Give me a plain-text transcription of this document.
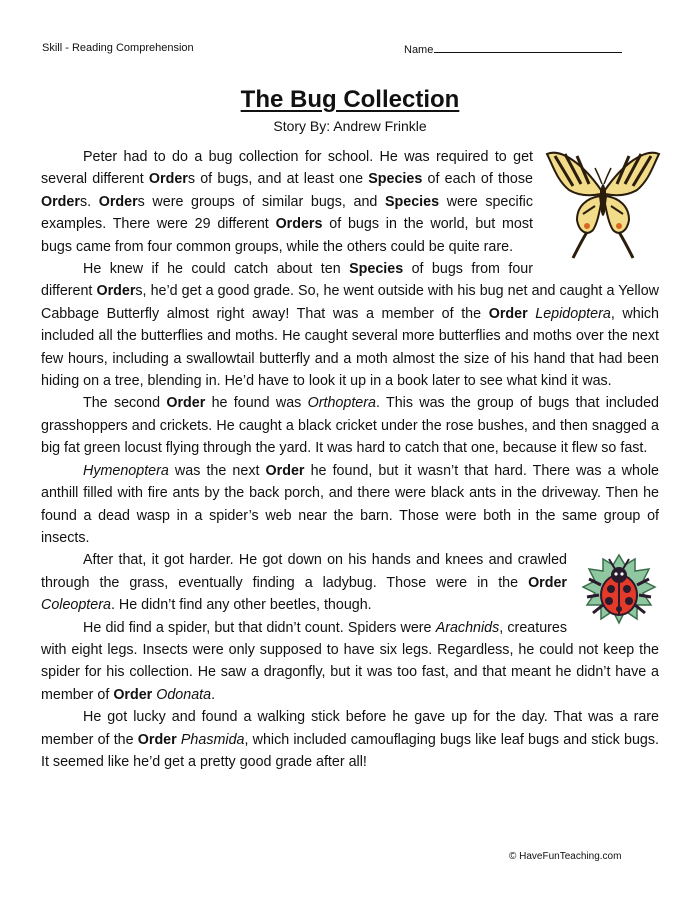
Skill - Reading Comprehension	Name
The Bug Collection
Story By: Andrew Frinkle

Peter had to do a bug collection for school. He was required to get several different Orders of bugs, and at least one Species of each of those Orders. Orders were groups of similar bugs, and Species were specific examples. There were 29 different Orders of bugs in the world, but most bugs came from four common groups, while the others could be quite rare.

He knew if he could catch about ten Species of bugs from four different Orders, he’d get a good grade. So, he went outside with his bug net and caught a Yellow Cabbage Butterfly almost right away! That was a member of the Order Lepidoptera, which included all the butterflies and moths. He caught several more butterflies and moths over the next few hours, including a swallowtail butterfly and a moth almost the size of his hand that had been hiding on a tree, blending in. He’d have to look it up in a book later to see what kind it was.

The second Order he found was Orthoptera. This was the group of bugs that included grasshoppers and crickets. He caught a black cricket under the rose bushes, and then snagged a big fat green locust flying through the yard. It was hard to catch that one, because it flew so fast.

Hymenoptera was the next Order he found, but it wasn’t that hard. There was a whole anthill filled with fire ants by the back porch, and there were black ants in the driveway. Then he found a dead wasp in a spider’s web near the barn. Those were both in the same group of insects.

After that, it got harder. He got down on his hands and knees and crawled through the grass, eventually finding a ladybug. Those were in the Order Coleoptera. He didn’t find any other beetles, though.

He did find a spider, but that didn’t count. Spiders were Arachnids, creatures with eight legs. Insects were only supposed to have six legs. Regardless, he could not keep the spider for his collection. He saw a dragonfly, but it was too fast, and that meant he didn’t have a member of Order Odonata.

He got lucky and found a walking stick before he gave up for the day. That was a rare member of the Order Phasmida, which included camouflaging bugs like leaf bugs and stick bugs. It seemed like he’d get a pretty good grade after all!

© HaveFunTeaching.com
